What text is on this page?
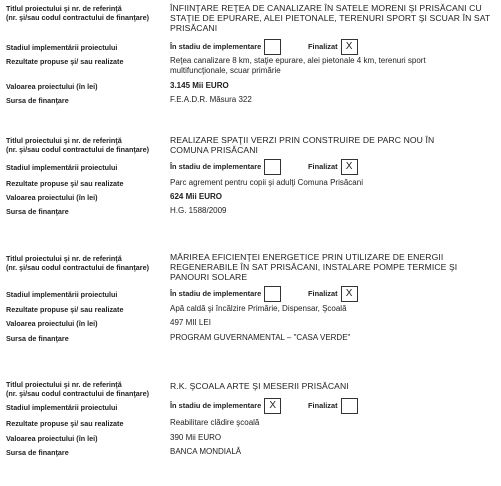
Titlul proiectului şi nr. de referinţă
(nr. şi/sau codul contractului de finanţare)
ÎNFIINŢARE REŢEA DE CANALIZARE ÎN SATELE MORENI ŞI PRISĂCANI CU STAŢIE DE EPURARE, ALEI PIETONALE, TERENURI SPORT ŞI SCUAR ÎN SAT PRISĂCANI
Stadiul implementării proiectului	În stadiu de implementare	Finalizat X
Rezultate propuse şi/ sau realizate	Reţea canalizare 8 km, staţie epurare, alei pietonale 4 km, terenuri sport multifuncţionale, scuar primărie
Valoarea proiectului (în lei)	3.145 Mii EURO
Sursa de finanţare	F.E.A.D.R. Măsura 322
Titlul proiectului şi nr. de referinţă
(nr. şi/sau codul contractului de finanţare)
REALIZARE SPAŢII VERZI PRIN CONSTRUIRE DE PARC NOU ÎN COMUNA PRISĂCANI
Stadiul implementării proiectului	În stadiu de implementare	Finalizat X
Rezultate propuse şi/ sau realizate	Parc agrement pentru copii şi adulţi Comuna Prisăcani
Valoarea proiectului (în lei)	624 Mii EURO
Sursa de finanţare	H.G. 1588/2009
Titlul proiectului şi nr. de referinţă
(nr. şi/sau codul contractului de finanţare)
MĂRIREA EFICIENŢEI ENERGETICE PRIN UTILIZARE DE ENERGII REGENERABILE ÎN SAT PRISĂCANI, INSTALARE POMPE TERMICE ŞI PANOURI SOLARE
Stadiul implementării proiectului	În stadiu de implementare	Finalizat X
Rezultate propuse şi/ sau realizate	Apă caldă şi încălzire Primărie, Dispensar, Şcoală
Valoarea proiectului (în lei)	497 MII LEI
Sursa de finanţare	PROGRAM GUVERNAMENTAL – "CASA VERDE"
Titlul proiectului şi nr. de referinţă
(nr. şi/sau codul contractului de finanţare)
R.K. ŞCOALA ARTE ŞI MESERII PRISĂCANI
Stadiul implementării proiectului	În stadiu de implementare X	Finalizat
Rezultate propuse şi/ sau realizate	Reabilitare clădire şcoală
Valoarea proiectului (în lei)	390 Mii EURO
Sursa de finanţare	BANCA MONDIALĂ
